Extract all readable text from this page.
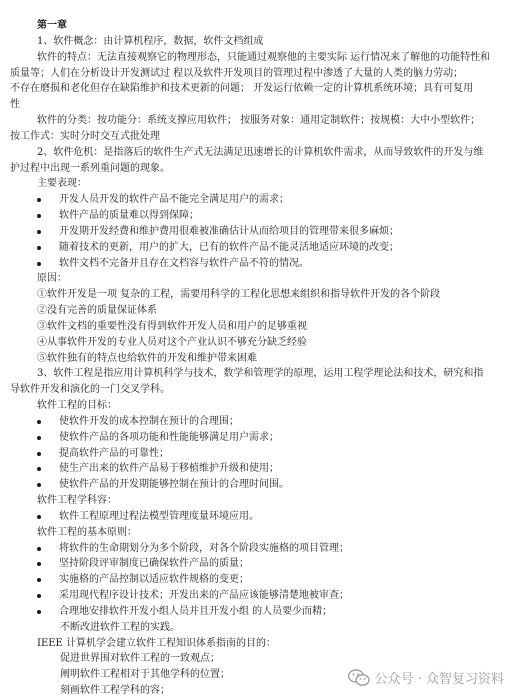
第一章
1、软件概念：由计算机程序，数据，软件文档组成
软件的特点：无法直接观察它的物理形态，只能通过观察他的主要实际 运行情况来了解他的功能特性和
质量等；人们在分析设计开发测试过 程以及软件开发项目的管理过程中渗透了大量的人类的脑力劳动；
不存在磨损和老化但存在缺陷维护和技术更新的问题； 开发运行依赖一定的计算机系统环境；具有可复用
性
软件的分类：按功能分：系统支撑应用软件； 按服务对象：通用定制软件；按规模：大中小型软件；
按工作式：实时分时交互式批处理
2、软件危机：是指落后的软件生产式无法满足迅速增长的计算机软件需求，从而导致软件的开发与维
护过程中出现一系列重问题的现象。
主要表现：
开发人员开发的软件产品不能完全满足用户的需求；
软件产品的质量难以得到保障；
开发期开发经费和维护费用很难被准确估计从而给项目的管理带来很多麻烦；
随着技术的更新，用户的扩大，已有的软件产品不能灵活地适应环境的改变；
软件文档不完备并且存在文档容与软件产品不符的情况。
原因：
①软件开发是一项 复杂的工程，需要用科学的工程化思想来组织和指导软件开发的各个阶段
②没有完善的质量保证体系
③软件文档的重要性没有得到软件开发人员和用户的足够重视
④从事软件开发的专业人员对这个产业认识不够充分缺乏经验
⑤软件独有的特点也给软件的开发和维护带来困难
3、软件工程是指应用计算机科学与技术，数学和管理学的原理，运用工程学理论法和技术，研究和指
导软件开发和演化的一门交叉学科。
软件工程的目标：
使软件开发的成本控制在预计的合理围；
使软件产品的各项功能和性能能够满足用户需求；
提高软件产品的可靠性；
使生产出来的软件产品易于移植维护升级和使用；
使软件产品的开发期能够控制在预计的合理时间围。
软件工程学科容：
软件工程原理过程法模型管理度量环境应用。
软件工程的基本原则：
将软件的生命期划分为多个阶段，对各个阶段实施格的项目管理；
坚持阶段评审制度已确保软件产品的质量；
实施格的产品控制以适应软件规格的变更；
采用现代程序设计技术；开发出来的产品应该能够清楚地被审查；
合理地安排软件开发小组人员并且开发小组 的人员要少而精；
不断改进软件工程的实践。
IEEE 计算机学会建立软件工程知识体系指南的目的：
促进世界围对软件工程的一致观点；
阐明软件工程相对于其他学科的位置；
刻画软件工程学科的容；
公众号 · 众智复习资料
